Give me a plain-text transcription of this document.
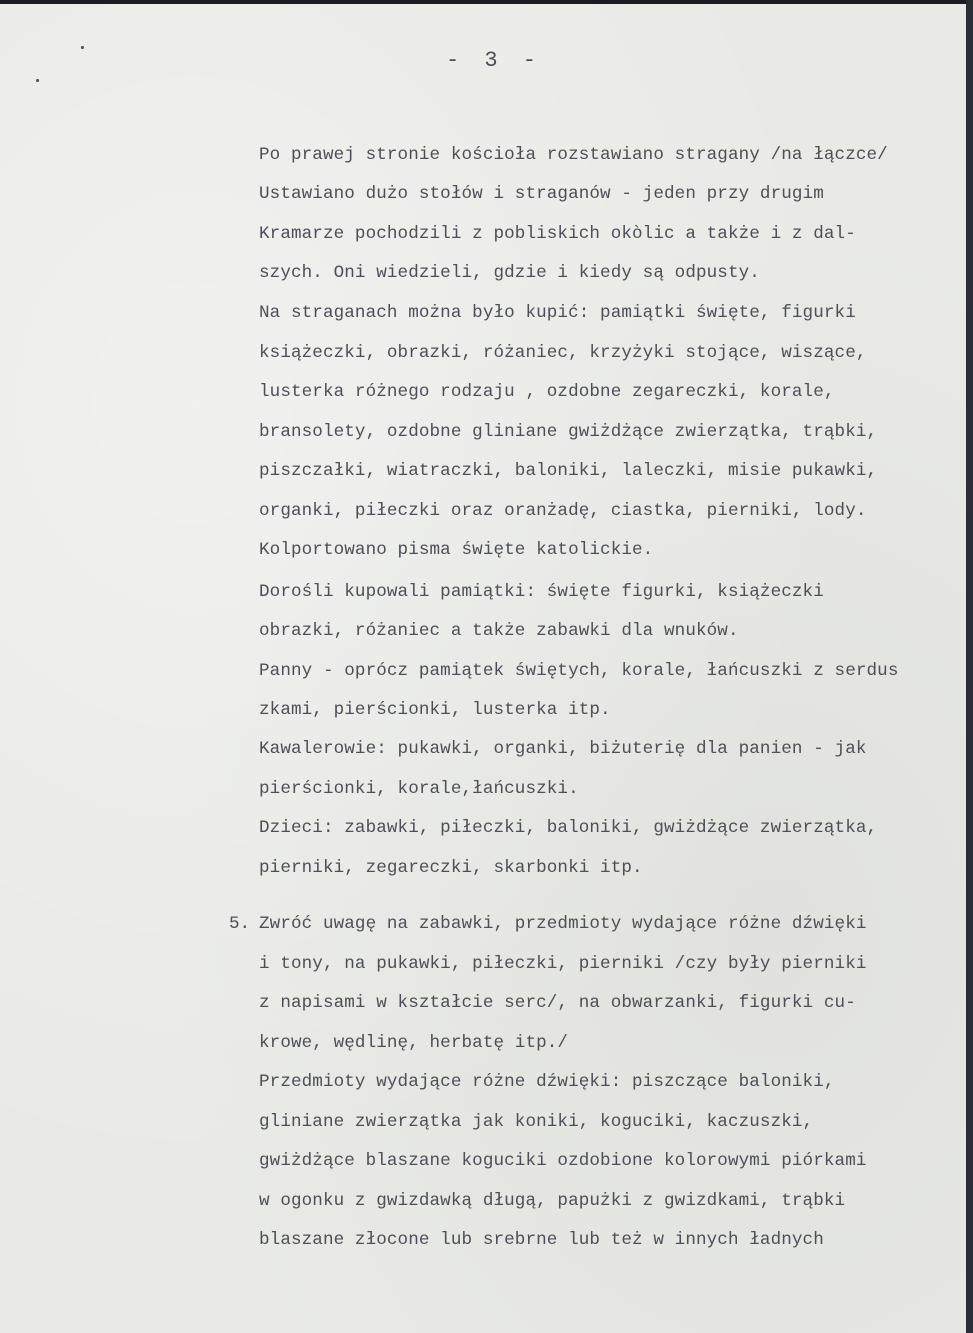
- 3 -
Po prawej stronie kościoła rozstawiano stragany /na łączce/
Ustawiano dużo stołów i straganów - jeden przy drugim
Kramarze pochodzili z pobliskich okòlic a także i z dal-
szych. Oni wiedzieli, gdzie i kiedy są odpusty.
Na straganach można było kupić: pamiątki święte, figurki
książeczki, obrazki, różaniec, krzyżyki stojące, wiszące,
lusterka różnego rodzaju , ozdobne zegareczki, korale,
bransolety, ozdobne gliniane gwiżdżące zwierzątka, trąbki,
piszczałki, wiatraczki, baloniki, laleczki, misie pukawki,
organki, piłeczki oraz oranżadę, ciastka, pierniki, lody.
Kolportowano pisma święte katolickie.
Dorośli kupowali pamiątki: święte figurki, książeczki
obrazki, różaniec a także zabawki dla wnuków.
Panny - oprócz pamiątek świętych, korale, łańcuszki z serdus
zkami, pierścionki, lusterka itp.
Kawalerowie: pukawki, organki, biżuterię dla panien - jak
pierścionki, korale,łańcuszki.
Dzieci: zabawki, piłeczki, baloniki, gwiżdżące zwierzątka,
pierniki, zegareczki, skarbonki itp.
5. Zwróć uwagę na zabawki, przedmioty wydające różne dźwięki
i tony, na pukawki, piłeczki, pierniki /czy były pierniki
z napisami w kształcie serc/, na obwarzanki, figurki cu-
krowe, wędlinę, herbatę itp./
Przedmioty wydające różne dźwięki: piszczące baloniki,
gliniane zwierzątka jak koniki, koguciki, kaczuszki,
gwiżdżące blaszane koguciki ozdobione kolorowymi piórkami
w ogonku z gwizdawką długą, papużki z gwizdkami, trąbki
blaszane złocone lub srebrne lub też w innych ładnych
